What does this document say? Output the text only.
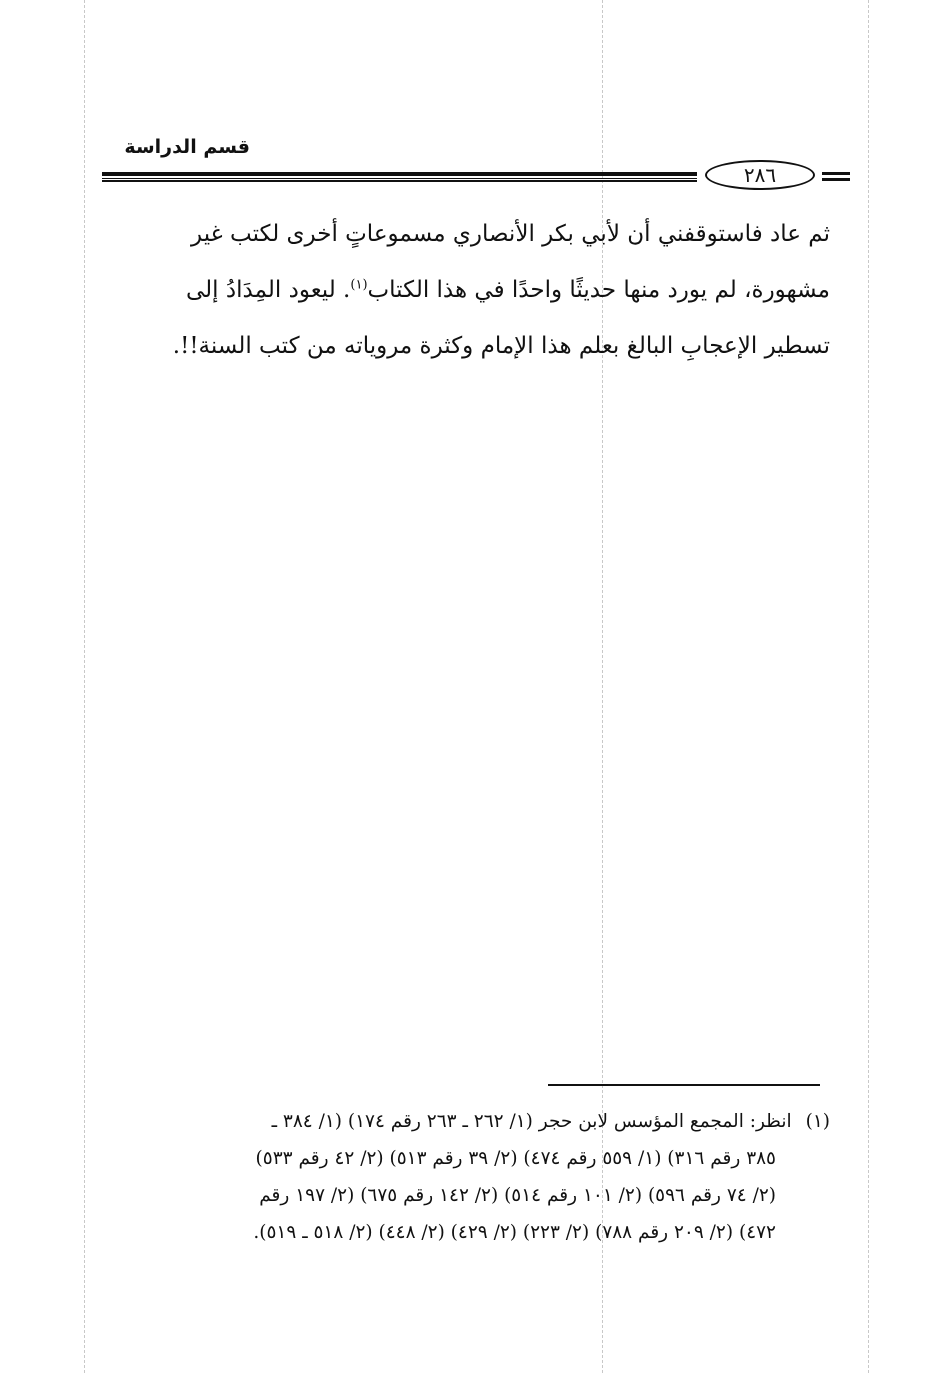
قسم الدراسة
٢٨٦
ثم عاد فاستوقفني أن لأبي بكر الأنصاري مسموعاتٍ أخرى لكتب غير
مشهورة، لم يورد منها حديثًا واحدًا في هذا الكتاب$^{(١)}$. ليعود المِدَادُ إلى
تسطير الإعجابِ البالغ بعلم هذا الإمام وكثرة مروياته من كتب السنة!!.
(١)انظر: المجمع المؤسس لابن حجر (١/ ٢٦٢ ـ ٢٦٣ رقم ١٧٤) (١/ ٣٨٤ ـ
٣٨٥ رقم ٣١٦) (١/ ٥٥٩ رقم ٤٧٤) (٢/ ٣٩ رقم ٥١٣) (٢/ ٤٢ رقم ٥٣٣)
(٢/ ٧٤ رقم ٥٩٦) (٢/ ١٠١ رقم ٥١٤) (٢/ ١٤٢ رقم ٦٧٥) (٢/ ١٩٧ رقم
٤٧٢) (٢/ ٢٠٩ رقم ٧٨٨) (٢/ ٢٢٣) (٢/ ٤٢٩) (٢/ ٤٤٨) (٢/ ٥١٨ ـ ٥١٩).
